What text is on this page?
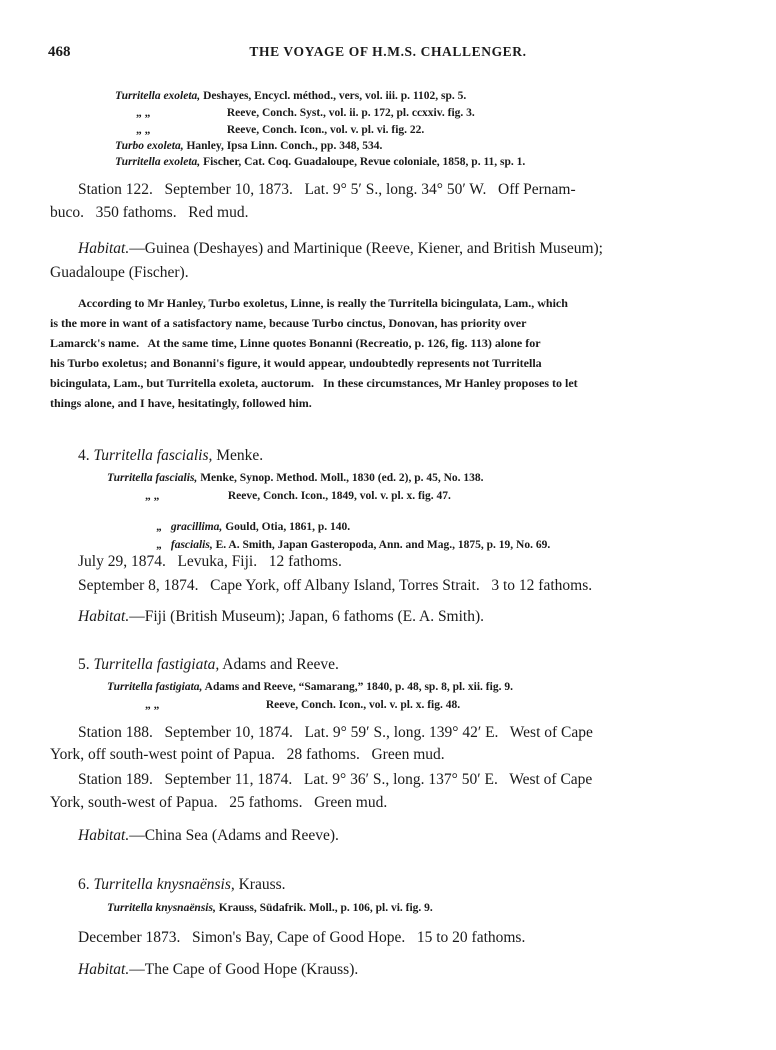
468	THE VOYAGE OF H.M.S. CHALLENGER.
Turritella exoleta, Deshayes, Encycl. méthod., vers, vol. iii. p. 1102, sp. 5.
„ „	Reeve, Conch. Syst., vol. ii. p. 172, pl. ccxxiv. fig. 3.
„ „	Reeve, Conch. Icon., vol. v. pl. vi. fig. 22.
Turbo exoleta, Hanley, Ipsa Linn. Conch., pp. 348, 534.
Turritella exoleta, Fischer, Cat. Coq. Guadaloupe, Revue coloniale, 1858, p. 11, sp. 1.
Station 122.   September 10, 1873.   Lat. 9° 5′ S., long. 34° 50′ W.   Off Pernam-
buco.   350 fathoms.   Red mud.
Habitat.—Guinea (Deshayes) and Martinique (Reeve, Kiener, and British Museum);
Guadaloupe (Fischer).
According to Mr Hanley, Turbo exoletus, Linne, is really the Turritella bicingulata, Lam., which
is the more in want of a satisfactory name, because Turbo cinctus, Donovan, has priority over
Lamarck's name.   At the same time, Linne quotes Bonanni (Recreatio, p. 126, fig. 113) alone for
his Turbo exoletus; and Bonanni's figure, it would appear, undoubtedly represents not Turritella
bicingulata, Lam., but Turritella exoleta, auctorum.   In these circumstances, Mr Hanley proposes to let
things alone, and I have, hesitatingly, followed him.
4. Turritella fascialis, Menke.
Turritella fascialis, Menke, Synop. Method. Moll., 1830 (ed. 2), p. 45, No. 138.
„ „	Reeve, Conch. Icon., 1849, vol. v. pl. x. fig. 47.

„   gracillima, Gould, Otia, 1861, p. 140.

„   fascialis, E. A. Smith, Japan Gasteropoda, Ann. and Mag., 1875, p. 19, No. 69.

July 29, 1874.   Levuka, Fiji.   12 fathoms.
September 8, 1874.   Cape York, off Albany Island, Torres Strait.   3 to 12 fathoms.
Habitat.—Fiji (British Museum); Japan, 6 fathoms (E. A. Smith).
5. Turritella fastigiata, Adams and Reeve.
Turritella fastigiata, Adams and Reeve, “Samarang,” 1840, p. 48, sp. 8, pl. xii. fig. 9.
„ „	Reeve, Conch. Icon., vol. v. pl. x. fig. 48.
Station 188.   September 10, 1874.   Lat. 9° 59′ S., long. 139° 42′ E.   West of Cape
York, off south-west point of Papua.   28 fathoms.   Green mud.
Station 189.   September 11, 1874.   Lat. 9° 36′ S., long. 137° 50′ E.   West of Cape
York, south-west of Papua.   25 fathoms.   Green mud.
Habitat.—China Sea (Adams and Reeve).
6. Turritella knysnaënsis, Krauss.
Turritella knysnaënsis, Krauss, Südafrik. Moll., p. 106, pl. vi. fig. 9.
December 1873.   Simon's Bay, Cape of Good Hope.   15 to 20 fathoms.
Habitat.—The Cape of Good Hope (Krauss).
